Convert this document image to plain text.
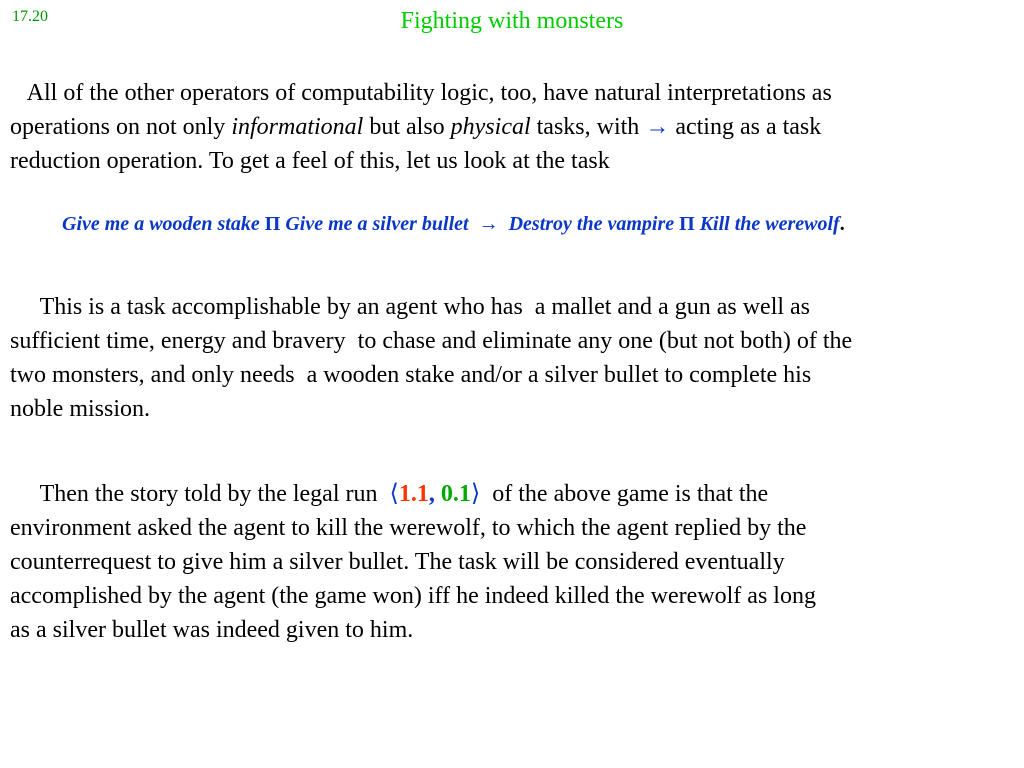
17.20	Fighting with monsters
All of the other operators of computability logic, too, have natural interpretations as
operations on not only informational but also physical tasks, with → acting as a task
reduction operation. To get a feel of this, let us look at the task
Give me a wooden stake Π Give me a silver bullet → Destroy the vampire Π Kill the werewolf.
This is a task accomplishable by an agent who has  a mallet and a gun as well as
sufficient time, energy and bravery  to chase and eliminate any one (but not both) of the
two monsters, and only needs  a wooden stake and/or a silver bullet to complete his
noble mission.
Then the story told by the legal run  ⟨1.1, 0.1⟩  of the above game is that the
environment asked the agent to kill the werewolf, to which the agent replied by the
counterrequest to give him a silver bullet. The task will be considered eventually
accomplished by the agent (the game won) iff he indeed killed the werewolf as long
as a silver bullet was indeed given to him.
